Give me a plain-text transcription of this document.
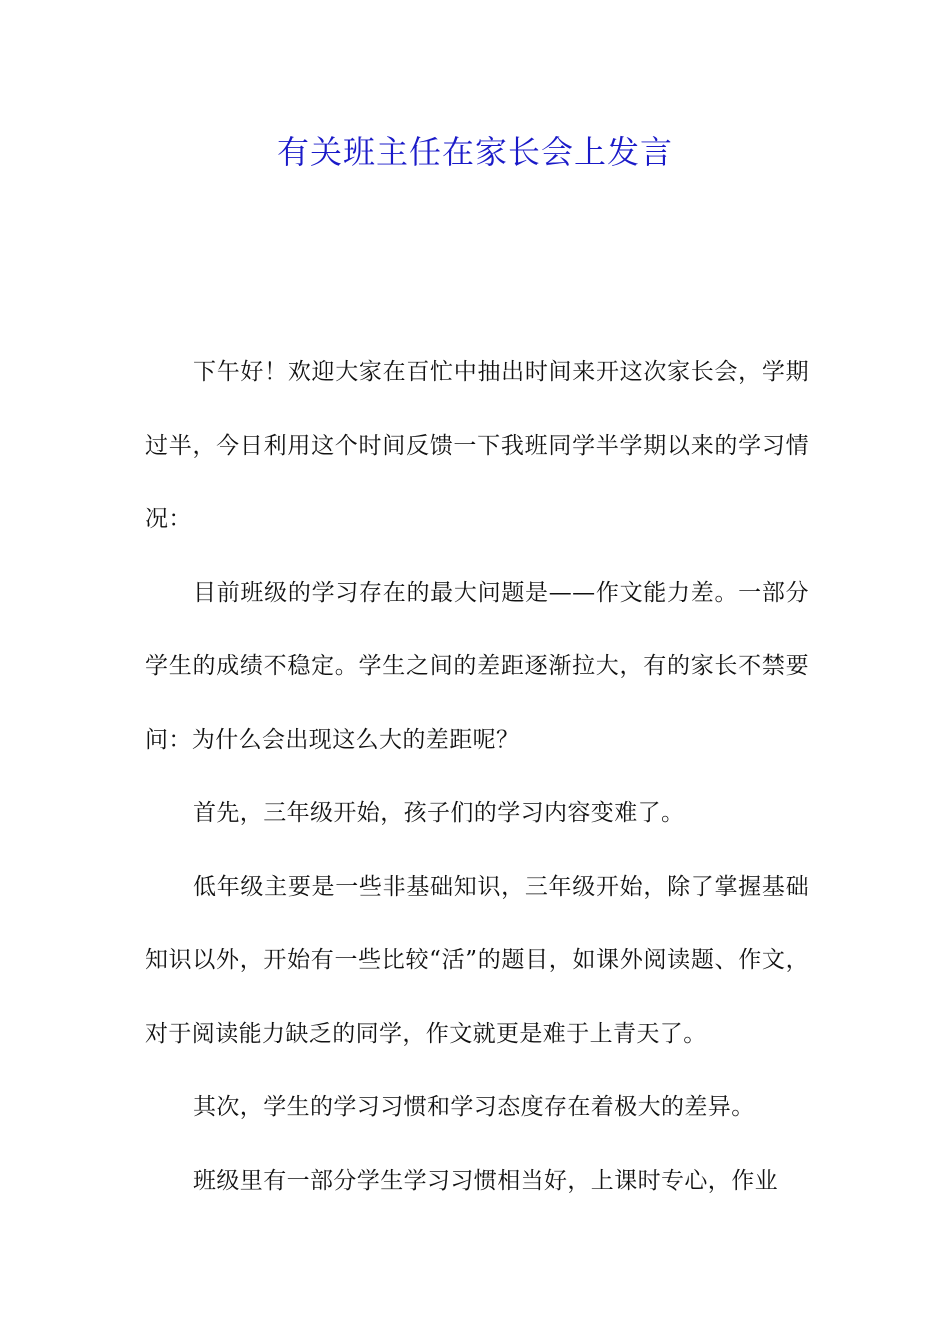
有关班主任在家长会上发言

下午好！欢迎大家在百忙中抽出时间来开这次家长会，学期过半，今日利用这个时间反馈一下我班同学半学期以来的学习情况：

目前班级的学习存在的最大问题是——作文能力差。一部分学生的成绩不稳定。学生之间的差距逐渐拉大，有的家长不禁要问：为什么会出现这么大的差距呢？

首先，三年级开始，孩子们的学习内容变难了。

低年级主要是一些非基础知识，三年级开始，除了掌握基础知识以外，开始有一些比较“活”的题目，如课外阅读题、作文，对于阅读能力缺乏的同学，作文就更是难于上青天了。

其次，学生的学习习惯和学习态度存在着极大的差异。

班级里有一部分学生学习习惯相当好，上课时专心，作业
